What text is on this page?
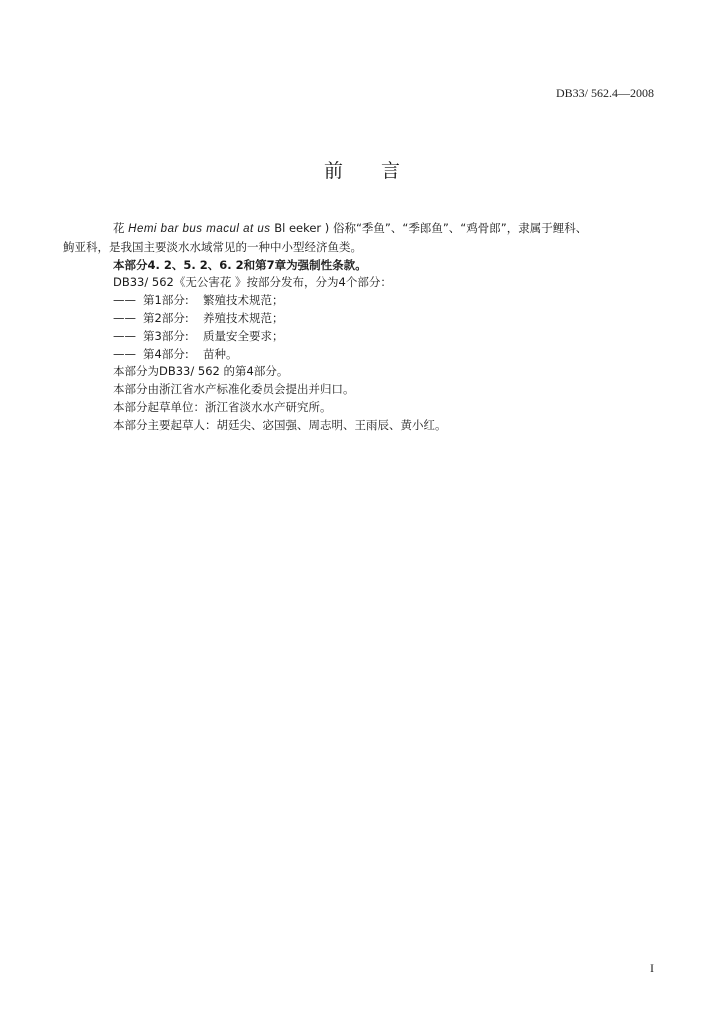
DB33/ 562.4—2008
前言

花 Hemi bar bus macul at us Bl eeker ) 俗称“季鱼”、“季郎鱼”、“鸡骨郎”，隶属于鲤科、

鮈亚科，是我国主要淡水水域常见的一种中小型经济鱼类。

本部分4. 2、5. 2、6. 2和第7章为强制性条款。

DB33/ 562《无公害花 》按部分发布，分为4个部分：

—— 第1部分: 繁殖技术规范；

—— 第2部分: 养殖技术规范；

—— 第3部分: 质量安全要求；

—— 第4部分: 苗种。

本部分为DB33/ 562 的第4部分。

本部分由浙江省水产标准化委员会提出并归口。

本部分起草单位：浙江省淡水水产研究所。

本部分主要起草人：胡廷尖、宓国强、周志明、王雨辰、黄小红。

I
